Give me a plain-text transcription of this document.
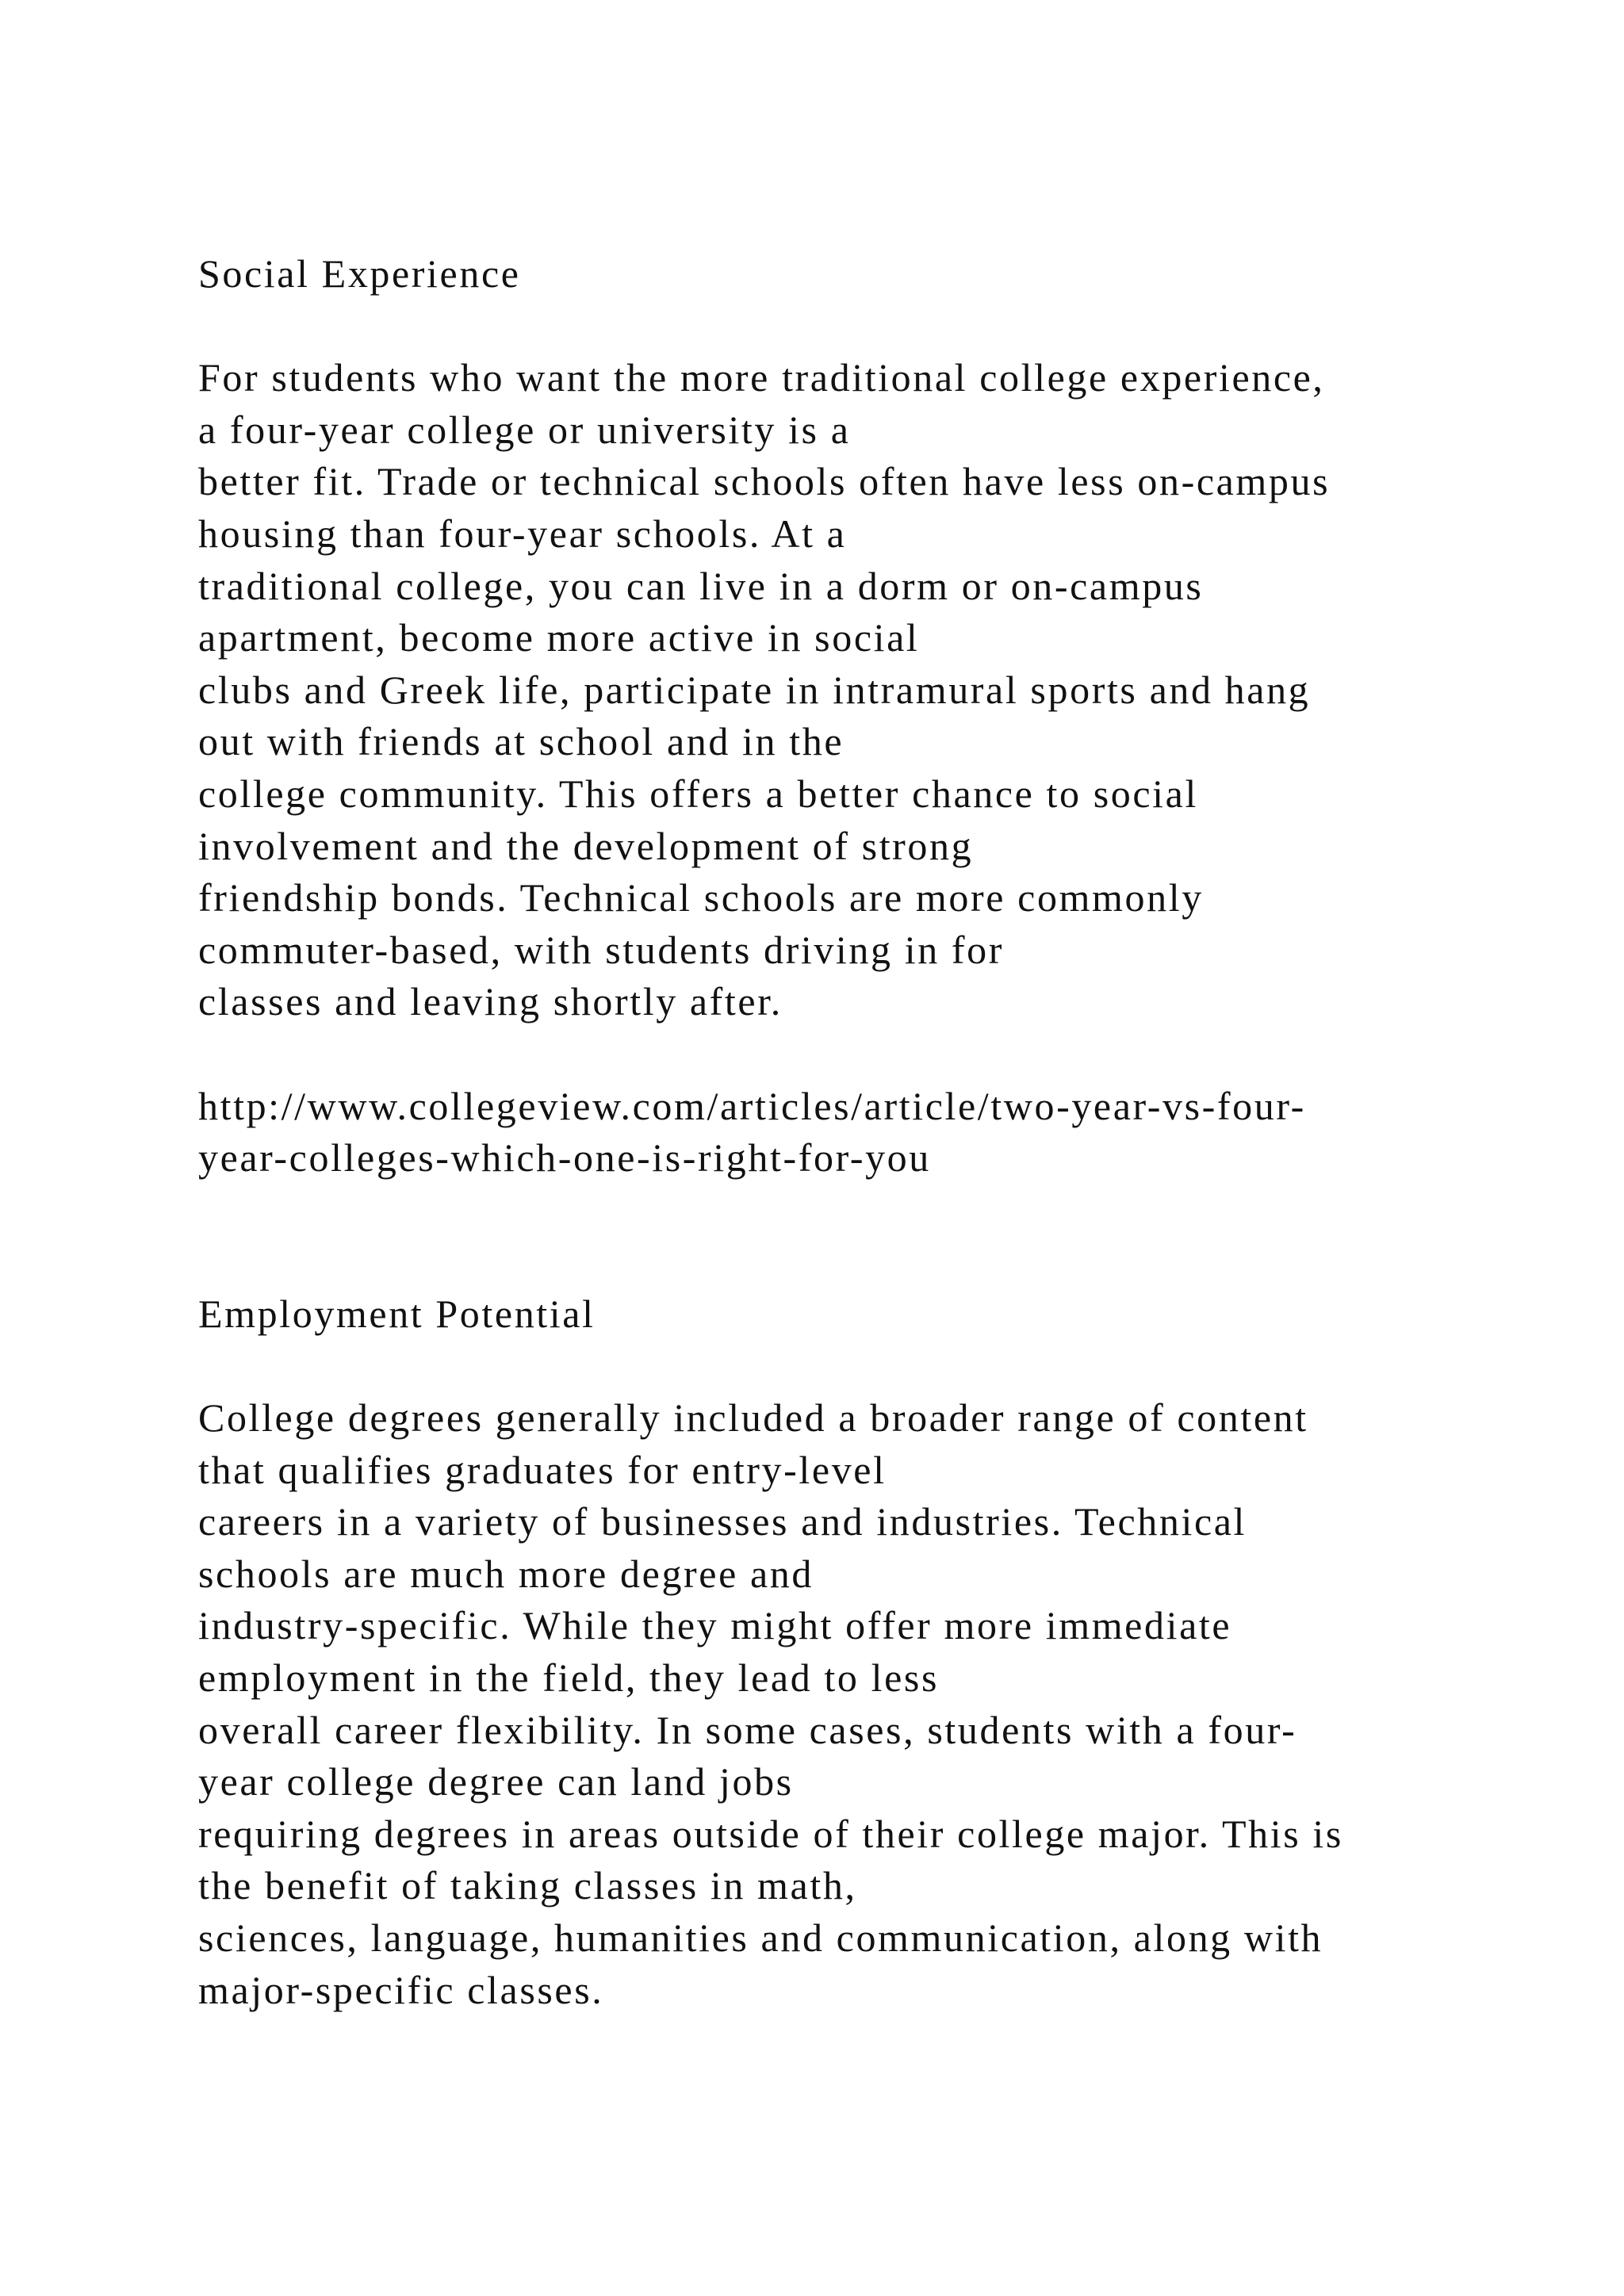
Social Experience
For students who want the more traditional college experience,
a four-year college or university is a
better fit. Trade or technical schools often have less on-campus
housing than four-year schools. At a
traditional college, you can live in a dorm or on-campus
apartment, become more active in social
clubs and Greek life, participate in intramural sports and hang
out with friends at school and in the
college community. This offers a better chance to social
involvement and the development of strong
friendship bonds. Technical schools are more commonly
commuter-based, with students driving in for
classes and leaving shortly after.
http://www.collegeview.com/articles/article/two-year-vs-four-
year-colleges-which-one-is-right-for-you
Employment Potential
College degrees generally included a broader range of content
that qualifies graduates for entry-level
careers in a variety of businesses and industries. Technical
schools are much more degree and
industry-specific. While they might offer more immediate
employment in the field, they lead to less
overall career flexibility. In some cases, students with a four-
year college degree can land jobs
requiring degrees in areas outside of their college major. This is
the benefit of taking classes in math,
sciences, language, humanities and communication, along with
major-specific classes.
